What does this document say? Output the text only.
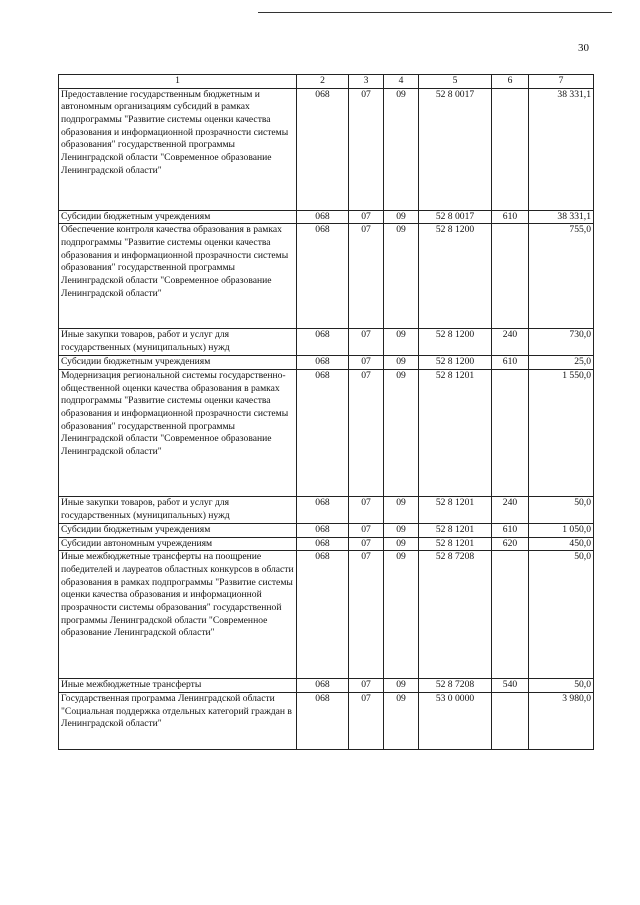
30
1	2	3	4	5	6	7
Предоставление государственным бюджетным и автономным организациям субсидий в рамках подпрограммы "Развитие системы оценки качества образования и информационной прозрачности системы образования" государственной программы Ленинградской области "Современное образование Ленинградской области"	068	07	09	52 8 0017		38 331,1
Субсидии бюджетным учреждениям	068	07	09	52 8 0017	610	38 331,1
Обеспечение контроля качества образования в рамках подпрограммы "Развитие системы оценки качества образования и информационной прозрачности системы образования" государственной программы Ленинградской области "Современное образование Ленинградской области"	068	07	09	52 8 1200		755,0
Иные закупки товаров, работ и услуг для государственных (муниципальных) нужд	068	07	09	52 8 1200	240	730,0
Субсидии бюджетным учреждениям	068	07	09	52 8 1200	610	25,0
Модернизация региональной системы государственно-общественной оценки качества образования в рамках подпрограммы "Развитие системы оценки качества образования и информационной прозрачности системы образования" государственной программы Ленинградской области "Современное образование Ленинградской области"	068	07	09	52 8 1201		1 550,0
Иные закупки товаров, работ и услуг для государственных (муниципальных) нужд	068	07	09	52 8 1201	240	50,0
Субсидии бюджетным учреждениям	068	07	09	52 8 1201	610	1 050,0
Субсидии автономным учреждениям	068	07	09	52 8 1201	620	450,0
Иные межбюджетные трансферты на поощрение победителей и лауреатов областных конкурсов в области образования в рамках подпрограммы "Развитие системы оценки качества образования и информационной прозрачности системы образования" государственной программы Ленинградской области "Современное образование Ленинградской области"	068	07	09	52 8 7208		50,0
Иные межбюджетные трансферты	068	07	09	52 8 7208	540	50,0
Государственная программа Ленинградской области "Социальная поддержка отдельных категорий граждан в Ленинградской области"	068	07	09	53 0 0000		3 980,0
